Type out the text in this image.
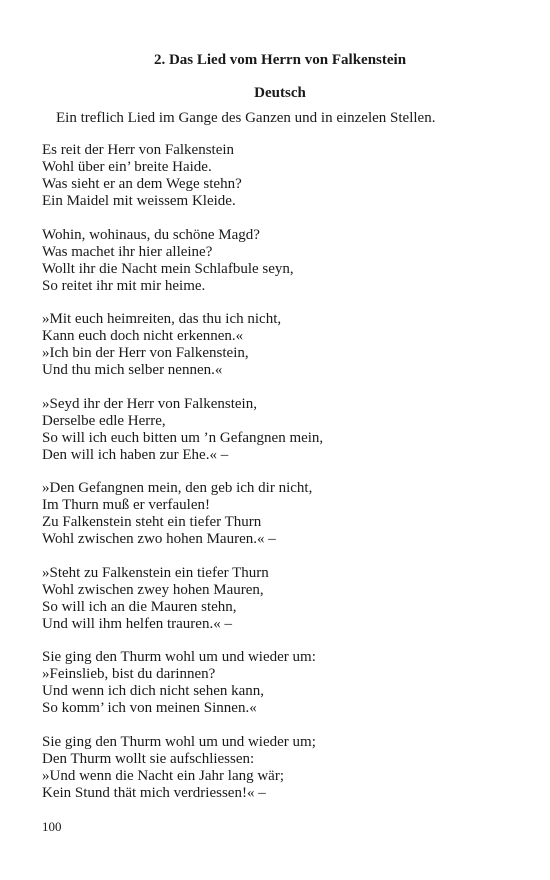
2. Das Lied vom Herrn von Falkenstein
Deutsch
Ein treflich Lied im Gange des Ganzen und in einzelen Stellen.
Es reit der Herr von Falkenstein
Wohl über ein’ breite Haide.
Was sieht er an dem Wege stehn?
Ein Maidel mit weissem Kleide.
Wohin, wohinaus, du schöne Magd?
Was machet ihr hier alleine?
Wollt ihr die Nacht mein Schlafbule seyn,
So reitet ihr mit mir heime.
»Mit euch heimreiten, das thu ich nicht,
Kann euch doch nicht erkennen.«
»Ich bin der Herr von Falkenstein,
Und thu mich selber nennen.«
»Seyd ihr der Herr von Falkenstein,
Derselbe edle Herre,
So will ich euch bitten um ’n Gefangnen mein,
Den will ich haben zur Ehe.« –
»Den Gefangnen mein, den geb ich dir nicht,
Im Thurn muß er verfaulen!
Zu Falkenstein steht ein tiefer Thurn
Wohl zwischen zwo hohen Mauren.« –
»Steht zu Falkenstein ein tiefer Thurn
Wohl zwischen zwey hohen Mauren,
So will ich an die Mauren stehn,
Und will ihm helfen trauren.« –
Sie ging den Thurm wohl um und wieder um:
»Feinslieb, bist du darinnen?
Und wenn ich dich nicht sehen kann,
So komm’ ich von meinen Sinnen.«
Sie ging den Thurm wohl um und wieder um;
Den Thurm wollt sie aufschliessen:
»Und wenn die Nacht ein Jahr lang wär;
Kein Stund thät mich verdriessen!« –
100
